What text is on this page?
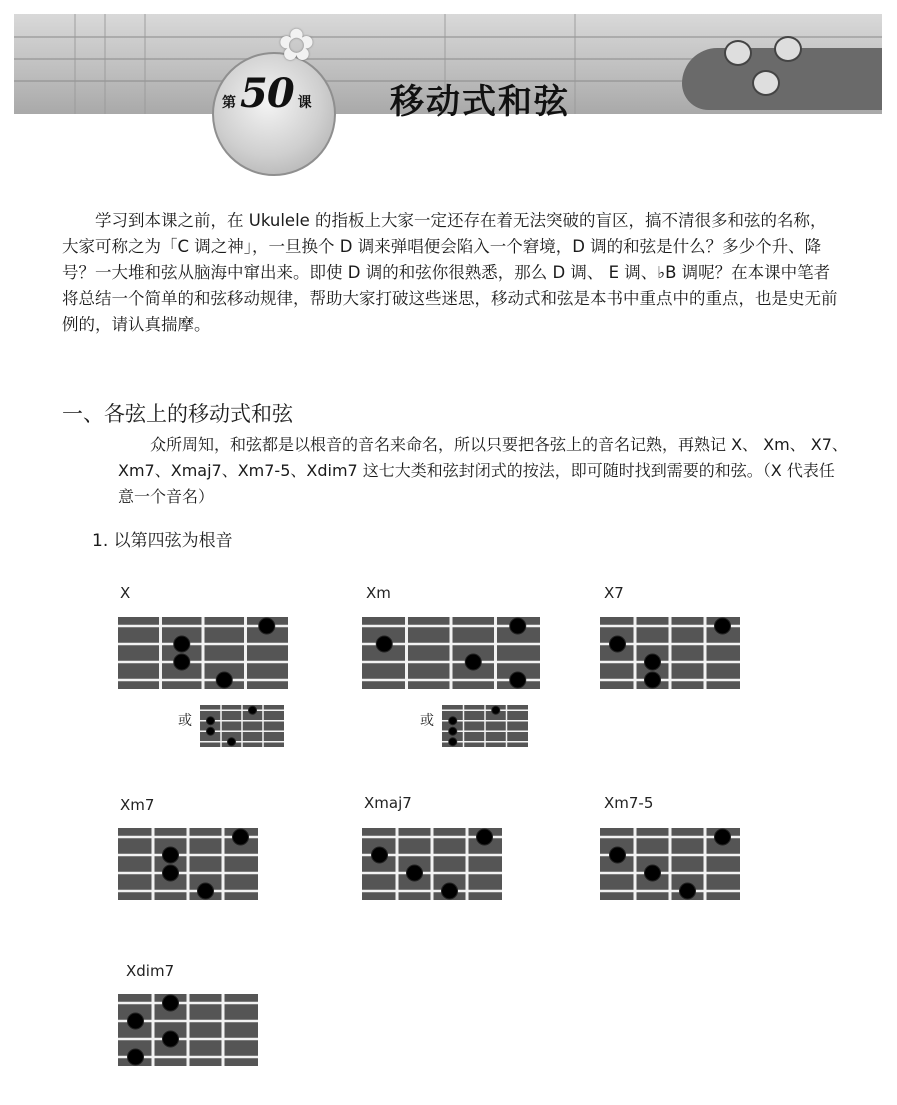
✿
第 50 课 移动式和弦

学习到本课之前，在 Ukulele 的指板上大家一定还存在着无法突破的盲区，搞不清很多和弦的名称，大家可称之为「C 调之神」，一旦换个 D 调来弹唱便会陷入一个窘境，D 调的和弦是什么？多少个升、降号？一大堆和弦从脑海中窜出来。即使 D 调的和弦你很熟悉，那么 D 调、 E 调、♭B 调呢？在本课中笔者将总结一个简单的和弦移动规律，帮助大家打破这些迷思，移动式和弦是本书中重点中的重点，也是史无前例的，请认真揣摩。

一、各弦上的移动式和弦

众所周知，和弦都是以根音的音名来命名，所以只要把各弦上的音名记熟，再熟记 X、 Xm、 X7、Xm7、Xmaj7、Xm7-5、Xdim7 这七大类和弦封闭式的按法，即可随时找到需要的和弦。（X 代表任意一个音名）

1. 以第四弦为根音
X	Xm	X7
Xm7	Xmaj7	Xm7-5
Xdim7
或	或
